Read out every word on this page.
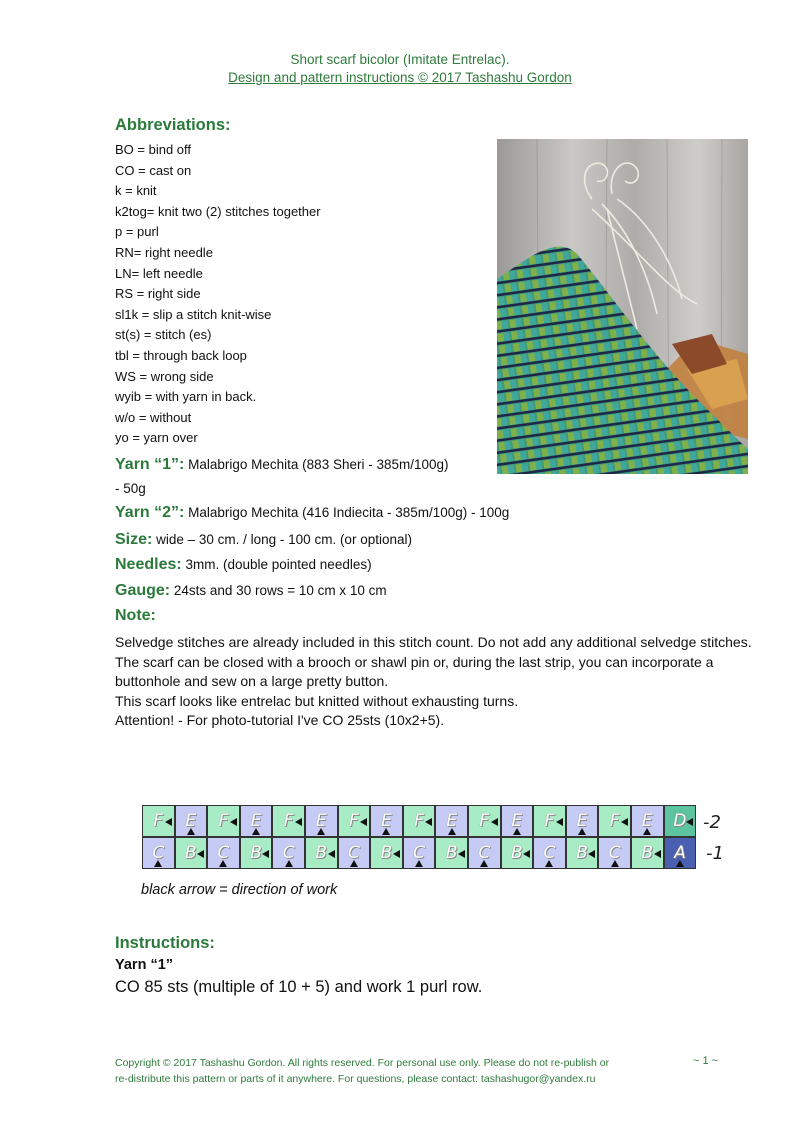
Short scarf bicolor (Imitate Entrelac).
Design and pattern instructions © 2017 Tashashu Gordon
Abbreviations:
BO = bind off
CO = cast on
k = knit
k2tog= knit two (2) stitches together
p = purl
RN= right needle
LN= left needle
RS = right side
sl1k = slip a stitch knit-wise
st(s) = stitch (es)
tbl = through back loop
WS = wrong side
wyib = with yarn in back.
w/o = without
yo = yarn over
Yarn “1”: Malabrigo Mechita (883 Sheri - 385m/100g)
- 50g
Yarn “2”: Malabrigo Mechita (416 Indiecita - 385m/100g) - 100g
Size: wide – 30 cm. / long - 100 cm. (or optional)
Needles: 3mm. (double pointed needles)
Gauge: 24sts and 30 rows = 10 cm x 10 cm
Note:
Selvedge stitches are already included in this stitch count. Do not add any additional selvedge stitches.
The scarf can be closed with a brooch or shawl pin or, during the last strip, you can incorporate a buttonhole and sew on a large pretty button.
This scarf looks like entrelac but knitted without exhausting turns.
Attention! - For photo-tutorial I've CO 25sts (10x2+5).
F	E	F	E	F	E	F	E	F	E	F	E	F	E	F	E	D
C	B	C	B	C	B	C	B	C	B	C	B	C	B	C	B	A
-2
-1
black arrow = direction of work
Instructions:
Yarn “1”
CO 85 sts (multiple of 10 + 5) and work 1 purl row.
Copyright © 2017 Tashashu Gordon. All rights reserved. For personal use only. Please do not re-publish or
re-distribute this pattern or parts of it anywhere. For questions, please contact: tashashugor@yandex.ru
~ 1 ~
